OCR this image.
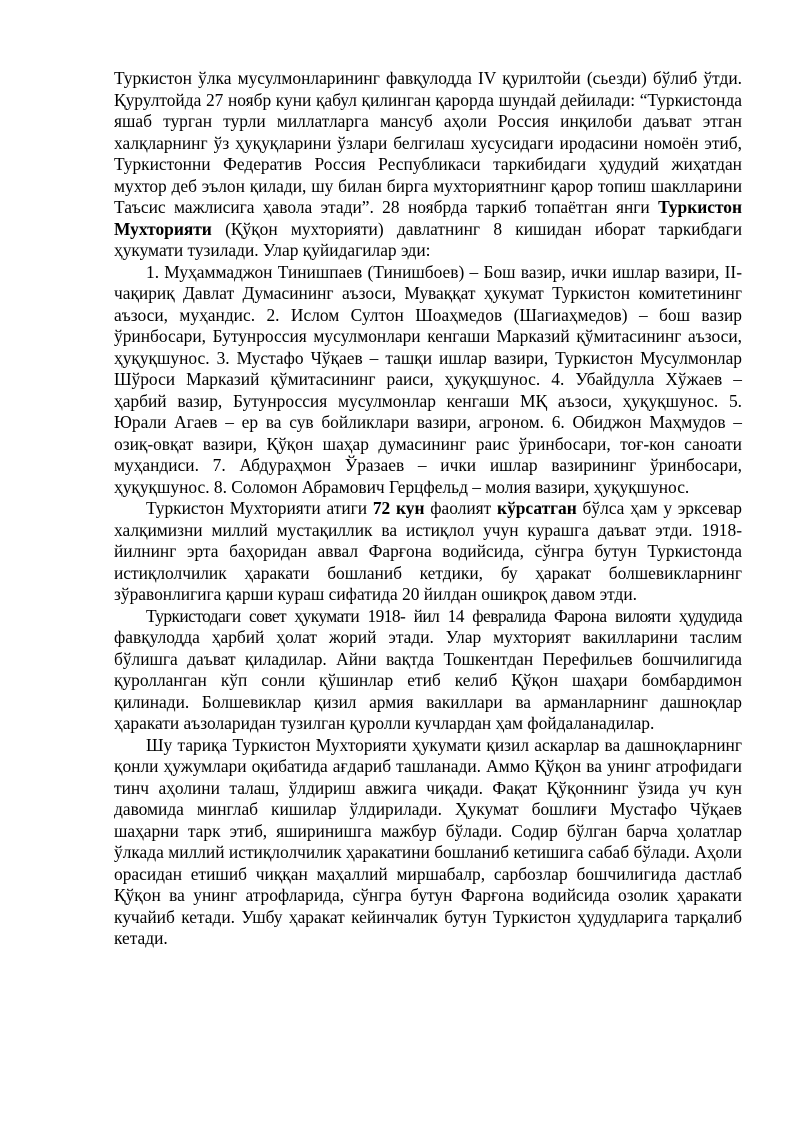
Туркистон ўлка мусулмонларининг фавқулодда IV қурилтойи (сьезди) бўлиб ўтди. Қурултойда 27 ноябр куни қабул қилинган қарорда шундай дейилади: “Туркистонда яшаб турган турли миллатларга мансуб аҳоли Россия инқилоби даъват этган халқларнинг ўз ҳуқуқларини ўзлари белгилаш хусусидаги иродасини номоён этиб, Туркистонни Федератив Россия Республикаси таркибидаги ҳудудий жиҳатдан мухтор деб эълон қилади, шу билан бирга мухториятнинг қарор топиш шаклларини Таъсис мажлисига ҳавола этади”. 28 ноябрда таркиб топаётган янги Туркистон Мухторияти (Қўқон мухторияти) давлатнинг 8 кишидан иборат таркибдаги ҳукумати тузилади. Улар қуйидагилар эди:

1. Муҳаммаджон Тинишпаев (Тинишбоев) – Бош вазир, ички ишлар вазири, II-чақириқ Давлат Думасининг аъзоси, Муваққат ҳукумат Туркистон комитетининг аъзоси, муҳандис. 2. Ислом Султон Шоаҳмедов (Шагиаҳмедов) – бош вазир ўринбосари, Бутунроссия мусулмонлари кенгаши Марказий қўмитасининг аъзоси, ҳуқуқшунос. 3. Мустафо Чўқаев – ташқи ишлар вазири, Туркистон Мусулмонлар Шўроси Марказий қўмитасининг раиси, ҳуқуқшунос. 4. Убайдулла Хўжаев – ҳарбий вазир, Бутунроссия мусулмонлар кенгаши МҚ аъзоси, ҳуқуқшунос. 5. Юрали Агаев – ер ва сув бойликлари вазири, агроном. 6. Обиджон Маҳмудов – озиқ-овқат вазири, Қўқон шаҳар думасининг раис ўринбосари, тоғ-кон саноати муҳандиси. 7. Абдураҳмон Ўразаев – ички ишлар вазирининг ўринбосари, ҳуқуқшунос. 8. Соломон Абрамович Герцфельд – молия вазири, ҳуқуқшунос.

Туркистон Мухторияти атиги 72 кун фаолият кўрсатган бўлса ҳам у эрксевар халқимизни миллий мустақиллик ва истиқлол учун курашга даъват этди. 1918- йилнинг эрта баҳоридан аввал Фарғона водийсида, сўнгра бутун Туркистонда истиқлолчилик ҳаракати бошланиб кетдики, бу ҳаракат болшевикларнинг зўравонлигига қарши кураш сифатида 20 йилдан ошиқроқ давом этди.

Туркистодаги совет ҳукумати 1918- йил 14 февралида Фарона вилояти ҳудудида фавқулодда ҳарбий ҳолат жорий этади. Улар мухторият вакилларини таслим бўлишга даъват қиладилар. Айни вақтда Тошкентдан Перефильев бошчилигида қуролланган кўп сонли қўшинлар етиб келиб Қўқон шаҳари бомбардимон қилинади. Болшевиклар қизил армия вакиллари ва арманларнинг дашноқлар ҳаракати аъзоларидан тузилган қуролли кучлардан ҳам фойдаланадилар.

Шу тариқа Туркистон Мухторияти ҳукумати қизил аскарлар ва дашноқларнинг қонли ҳужумлари оқибатида ағдариб ташланади. Аммо Қўқон ва унинг атрофидаги тинч аҳолини талаш, ўлдириш авжига чиқади. Фақат Қўқоннинг ўзида уч кун давомида минглаб кишилар ўлдирилади. Ҳукумат бошлиғи Мустафо Чўқаев шаҳарни тарк этиб, яширинишга мажбур бўлади. Содир бўлган барча ҳолатлар ўлкада миллий истиқлолчилик ҳаракатини бошланиб кетишига сабаб бўлади. Аҳоли орасидан етишиб чиққан маҳаллий миршабалр, сарбозлар бошчилигида дастлаб Қўқон ва унинг атрофларида, сўнгра бутун Фарғона водийсида озолик ҳаракати кучайиб кетади. Ушбу ҳаракат кейинчалик бутун Туркистон ҳудудларига тарқалиб кетади.
